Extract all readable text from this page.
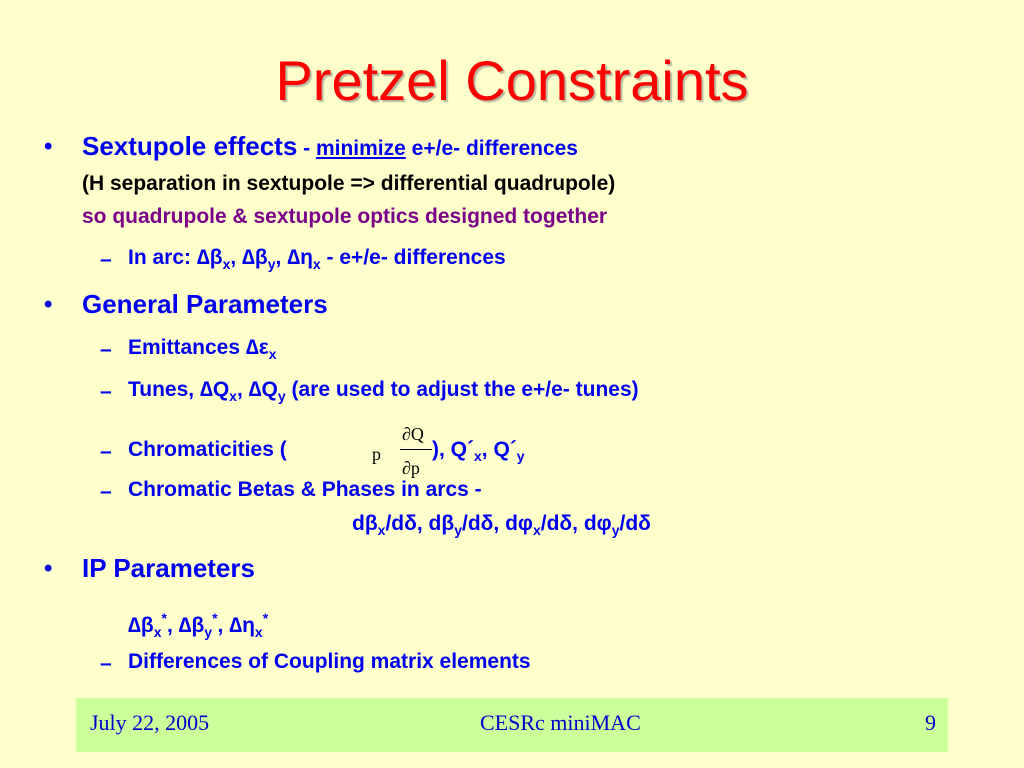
Pretzel Constraints
• Sextupole effects - minimize e+/e- differences
(H separation in sextupole => differential quadrupole)
so quadrupole & sextupole optics designed together
– In arc: $\Delta\beta_x$, $\Delta\beta_y$, $\Delta\eta_x - e+/e-$ differences
• General Parameters
– Emittances $\Delta\varepsilon_x$
– Tunes, $\Delta Q_x$, $\Delta Q_y$ (are used to adjust the e+/e- tunes)
– Chromaticities (	p
∂Q
∂p
), $Q´_x$, $Q´_y$
– Chromatic Betas & Phases in arcs -
$d\beta_x/d\delta$, $d\beta_y/d\delta$, $d\varphi_x/d\delta$, $d\varphi_y/d\delta$
• IP Parameters
$\Delta\beta_x^*$, $\Delta\beta_y^*$, $\Delta\eta_x^*$
– Differences of Coupling matrix elements
July 22, 2005	CESRc miniMAC	9
